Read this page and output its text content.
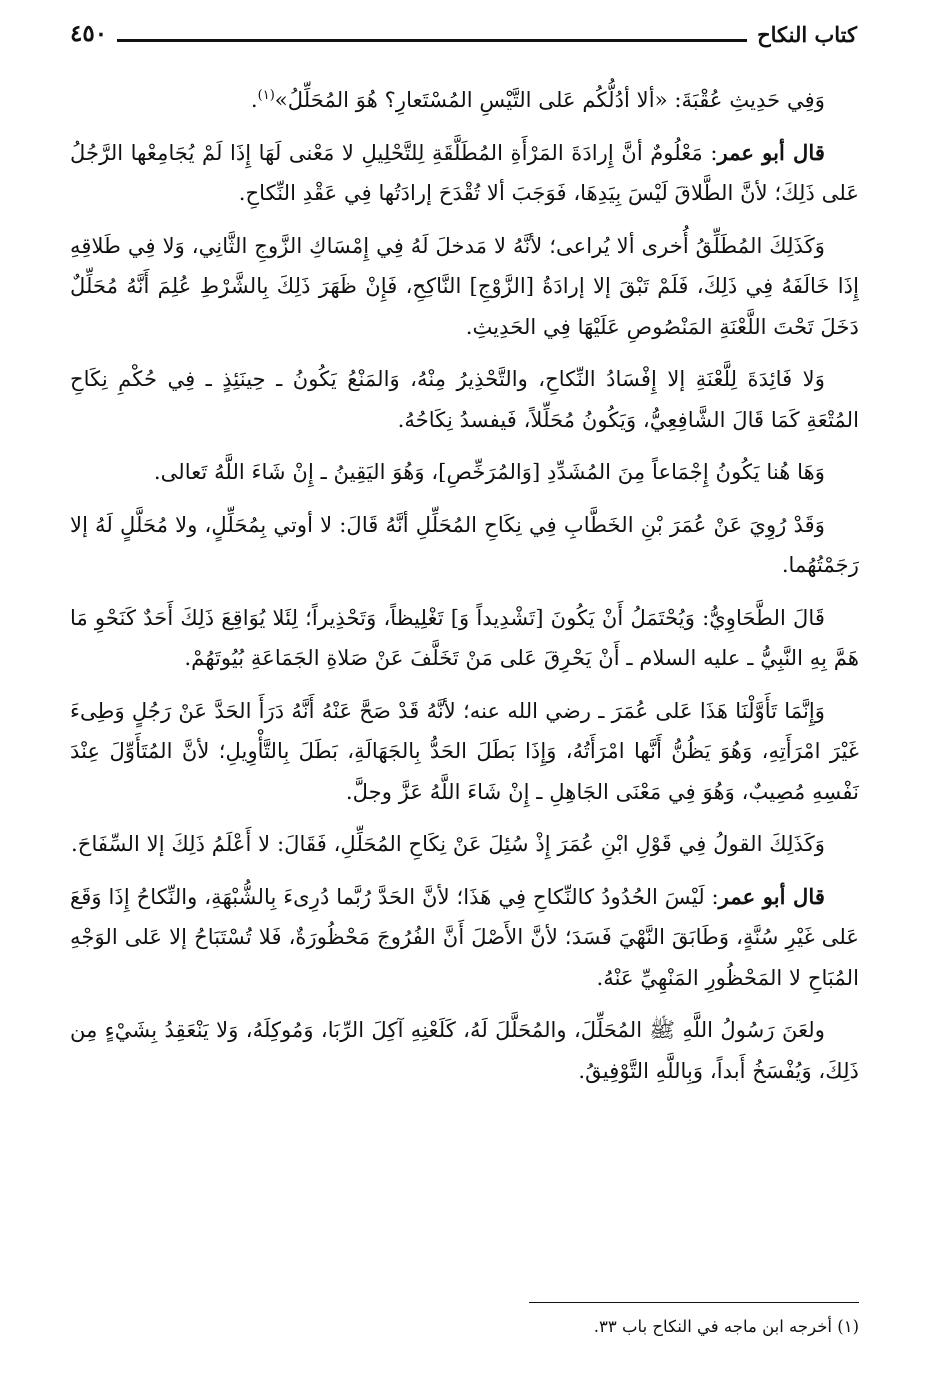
كتاب النكاح
٤٥٠

وَفِي حَدِيثِ عُقْبَةَ: «ألا أدُلُّكُم عَلى التَّيْسِ المُسْتَعارِ؟ هُوَ المُحَلِّلُ»$^{(١)}$.

قال أبو عمر: مَعْلُومٌ أنَّ إِرادَةَ المَرْأَةِ المُطَلَّقَةِ لِلتَّحْلِيلِ لا مَعْنى لَهَا إِذَا لَمْ يُجَامِعْها الرَّجُلُ عَلى ذَلِكَ؛ لأنَّ الطَّلاقَ لَيْسَ بِيَدِهَا، فَوَجَبَ ألا تُقْدَحَ إرادَتُها فِي عَقْدِ النِّكاحِ.

وَكَذَلِكَ المُطَلِّقُ أُخرى ألا يُراعى؛ لأنَّهُ لا مَدخلَ لَهُ فِي إِمْسَاكِ الزَّوجِ الثَّانِي، وَلا فِي طَلاقِهِ إِذَا خَالَفَهُ فِي ذَلِكَ، فَلَمْ تَبْقَ إلا إرادَةُ [الزَّوْجِ] النَّاكِحِ، فَإِنْ ظَهَرَ ذَلِكَ بِالشَّرْطِ عُلِمَ أَنَّهُ مُحَلِّلٌ دَخَلَ تَحْتَ اللَّعْنَةِ المَنْصُوصِ عَلَيْهَا فِي الحَدِيثِ.

وَلا فَائِدَةَ لِلَّعْنَةِ إلا إِفْسَادُ النِّكاحِ، والتَّحْذِيرُ مِنْهُ، وَالمَنْعُ يَكُونُ ـ حِينَئِذٍ ـ فِي حُكْمِ نِكَاحِ المُتْعَةِ كَمَا قَالَ الشَّافِعِيُّ، وَيَكُونُ مُحَلِّلاً، فَيفسدُ نِكَاحُهُ.

وَهَا هُنا يَكُونُ إِجْمَاعاً مِنَ المُشَدِّدِ [وَالمُرَخِّصِ]، وَهُوَ اليَقِينُ ـ إِنْ شَاءَ اللَّهُ تَعالى.

وَقَدْ رُوِيَ عَنْ عُمَرَ بْنِ الخَطَّابِ فِي نِكَاحِ المُحَلِّلِ أنَّهُ قَالَ: لا أوتي بِمُحَلِّلٍ، ولا مُحَلَّلٍ لَهُ إلا رَجَمْتُهُما.

قَالَ الطَّحَاوِيُّ: وَيُحْتَمَلُ أَنْ يَكُونَ [تَشْدِيداً وَ] تَغْلِيظاً، وَتَحْذِيراً؛ لِئَلا يُوَاقِعَ ذَلِكَ أَحَدٌ كَنَحْوِ مَا هَمَّ بِهِ النَّبِيُّ ـ عليه السلام ـ أَنْ يَحْرِقَ عَلى مَنْ تَخَلَّفَ عَنْ صَلاةِ الجَمَاعَةِ بُيُوتَهُمْ.

وَإِنَّمَا تَأَوَّلْنَا هَذَا عَلى عُمَرَ ـ رضي الله عنه؛ لأنَّهُ قَدْ صَحَّ عَنْهُ أَنَّهُ دَرَأَ الحَدَّ عَنْ رَجُلٍ وَطِىءَ غَيْرَ امْرَأَتِهِ، وَهُوَ يَظُنُّ أَنَّها امْرَأَتُهُ، وَإِذَا بَطَلَ الحَدُّ بِالجَهَالَةِ، بَطَلَ بِالتَّأْوِيلِ؛ لأنَّ المُتَأَوِّلَ عِنْدَ نَفْسِهِ مُصِيبٌ، وَهُوَ فِي مَعْنَى الجَاهِلِ ـ إِنْ شَاءَ اللَّهُ عَزَّ وجلَّ.

وَكَذَلِكَ القولُ فِي قَوْلِ ابْنِ عُمَرَ إِذْ سُئِلَ عَنْ نِكَاحِ المُحَلِّلِ، فَقَالَ: لا أَعْلَمُ ذَلِكَ إلا السِّفَاحَ.

قال أبو عمر: لَيْسَ الحُدُودُ كالنِّكاحِ فِي هَذَا؛ لأنَّ الحَدَّ رُبَّما دُرِىءَ بِالشُّبْهَةِ، والنِّكاحُ إِذَا وَقَعَ عَلى غَيْرِ سُنَّةٍ، وَطَابَقَ النَّهْيَ فَسَدَ؛ لأنَّ الأَصْلَ أَنَّ الفُرُوجَ مَحْظُورَةٌ، فَلا تُسْتَبَاحُ إلا عَلى الوَجْهِ المُبَاحِ لا المَحْظُورِ المَنْهِيِّ عَنْهُ.

ولعَنَ رَسُولُ اللَّهِ ﷺ المُحَلِّلَ، والمُحَلَّلَ لَهُ، كَلَعْنِهِ آكِلَ الرِّبَا، وَمُوكِلَهُ، وَلا يَنْعَقِدُ بِشَيْءٍ مِن ذَلِكَ، وَيُفْسَخُ أَبداً، وَبِاللَّهِ التَّوْفِيقُ.

(١) أخرجه ابن ماجه في النكاح باب ٣٣.
